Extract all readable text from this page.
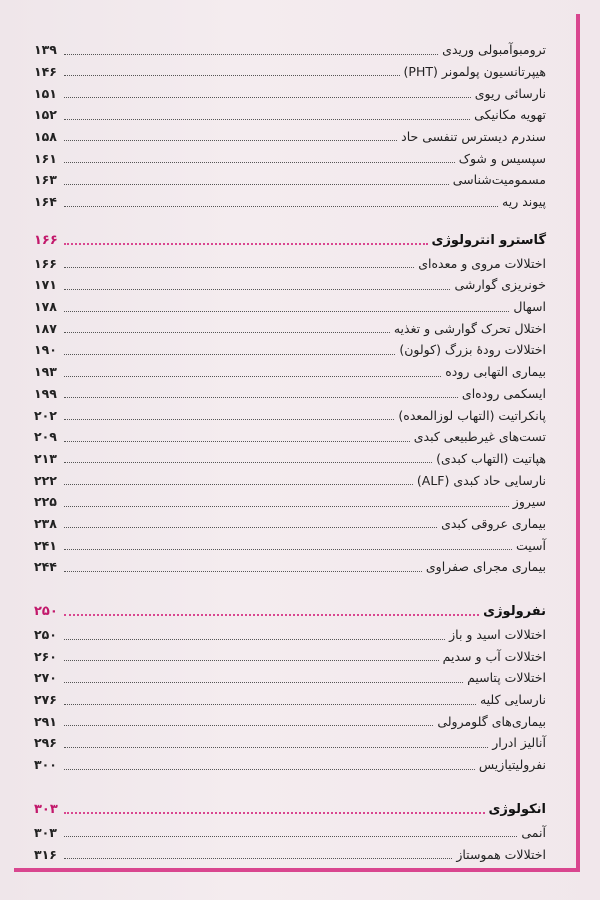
ترومبوآمبولی وریدی
۱۳۹
هیپرتانسیون پولمونر (PHT)
۱۴۶
نارسائی ریوی
۱۵۱
تهویه مکانیکی
۱۵۲
سندرم دیسترس تنفسی حاد
۱۵۸
سپسیس و شوک
۱۶۱
مسمومیت‌شناسی
۱۶۳
پیوند ریه
۱۶۴
گاسترو انترولوژی
۱۶۶
اختلالات مروی و معده‌ای
۱۶۶
خونریزی گوارشی
۱۷۱
اسهال
۱۷۸
اختلال تحرک گوارشی و تغذیه
۱۸۷
اختلالات رودهٔ بزرگ (کولون)
۱۹۰
بیماری التهابی روده
۱۹۳
ایسکمی روده‌ای
۱۹۹
پانکراتیت (التهاب لوزالمعده)
۲۰۲
تست‌های غیرطبیعی کبدی
۲۰۹
هپاتیت (التهاب کبدی)
۲۱۳
نارسایی حاد کبدی (ALF)
۲۲۲
سیروز
۲۲۵
بیماری عروقی کبدی
۲۳۸
آسیت
۲۴۱
بیماری مجرای صفراوی
۲۴۴
نفرولوژی
۲۵۰
اختلالات اسید و باز
۲۵۰
اختلالات آب و سدیم
۲۶۰
اختلالات پتاسیم
۲۷۰
نارسایی کلیه
۲۷۶
بیماری‌های گلومرولی
۲۹۱
آنالیز ادرار
۲۹۶
نفرولیتیازیس
۳۰۰
انکولوژی
۳۰۳
آنمی
۳۰۳
اختلالات هموستاز
۳۱۶
